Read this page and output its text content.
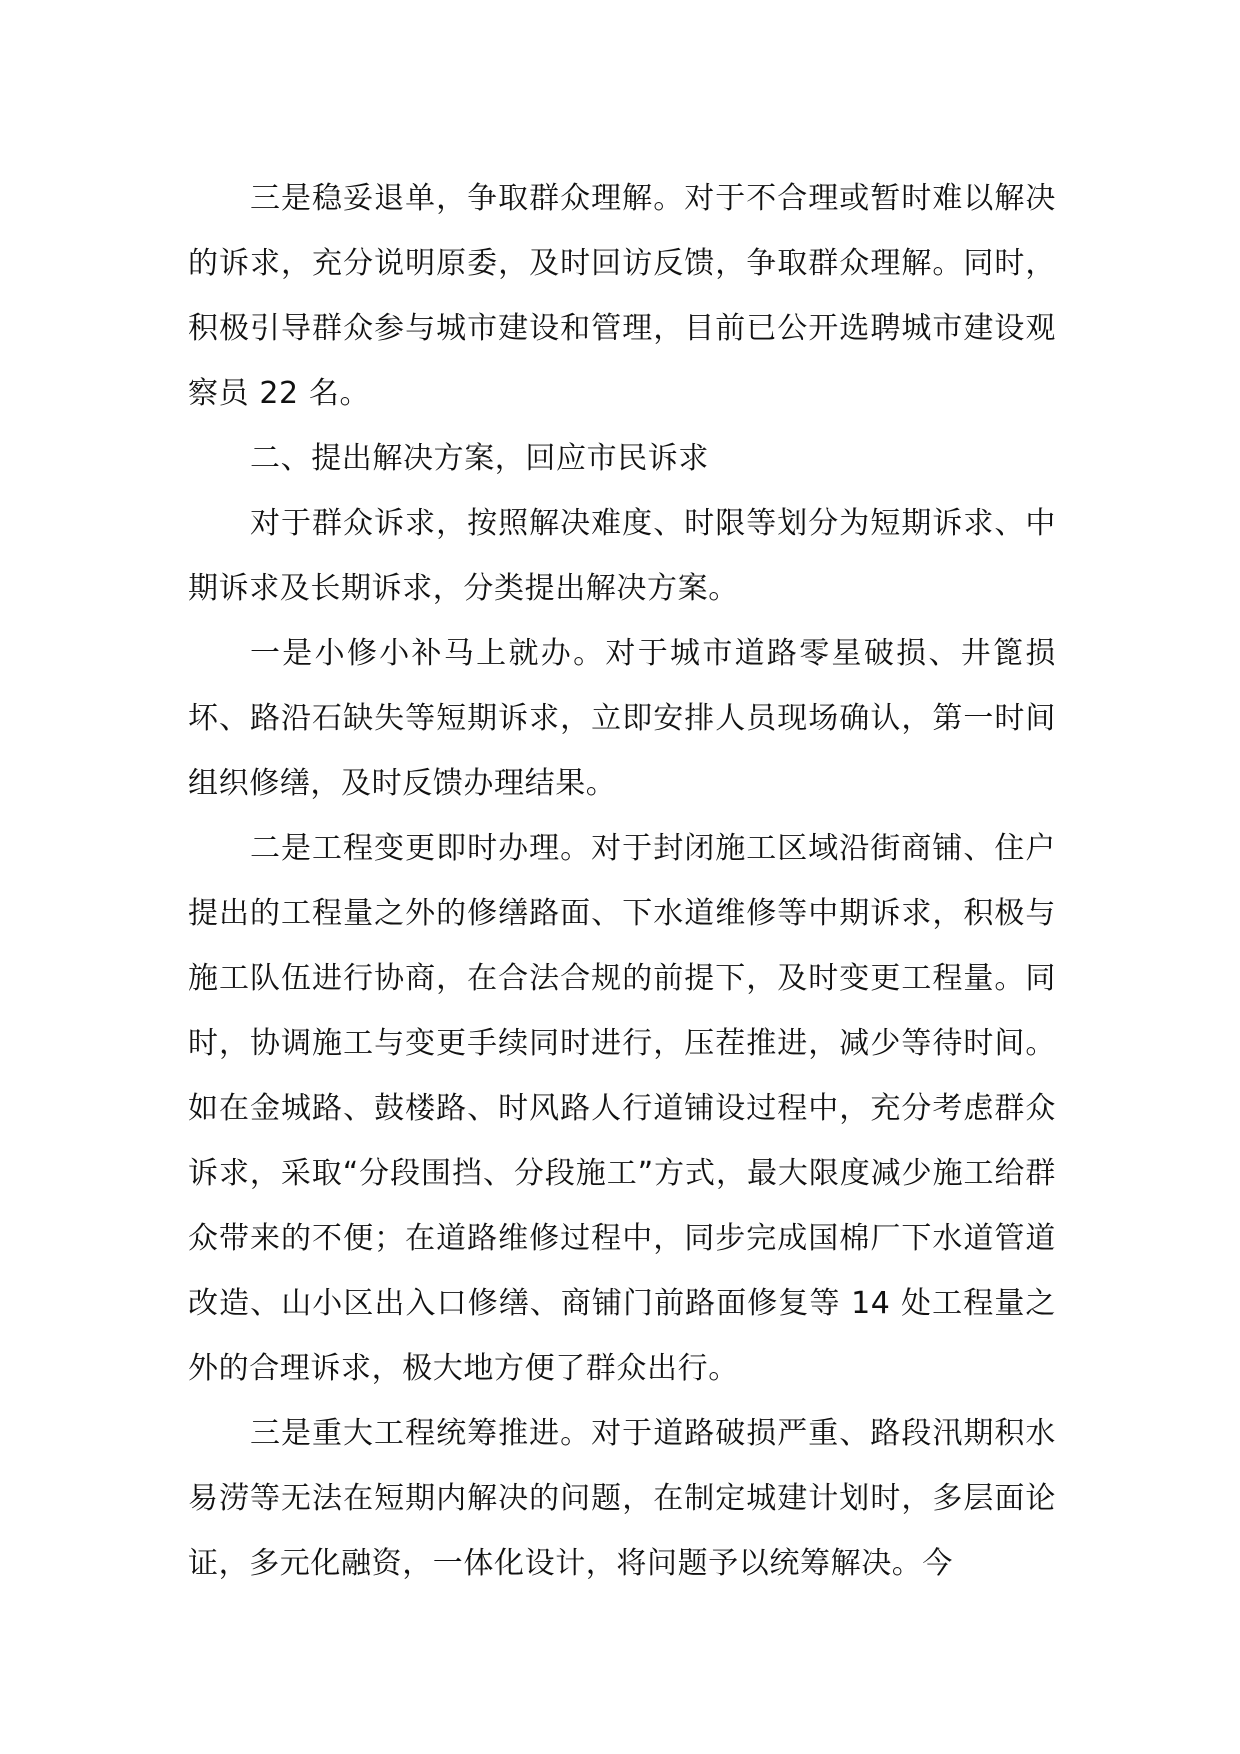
三是稳妥退单，争取群众理解。对于不合理或暂时难以解决的诉求，充分说明原委，及时回访反馈，争取群众理解。同时，积极引导群众参与城市建设和管理，目前已公开选聘城市建设观察员 22 名。

二、提出解决方案，回应市民诉求

对于群众诉求，按照解决难度、时限等划分为短期诉求、中期诉求及长期诉求，分类提出解决方案。

一是小修小补马上就办。对于城市道路零星破损、井篦损坏、路沿石缺失等短期诉求，立即安排人员现场确认，第一时间组织修缮，及时反馈办理结果。

二是工程变更即时办理。对于封闭施工区域沿街商铺、住户提出的工程量之外的修缮路面、下水道维修等中期诉求，积极与施工队伍进行协商，在合法合规的前提下，及时变更工程量。同时，协调施工与变更手续同时进行，压茬推进，减少等待时间。如在金城路、鼓楼路、时风路人行道铺设过程中，充分考虑群众诉求，采取“分段围挡、分段施工”方式，最大限度减少施工给群众带来的不便；在道路维修过程中，同步完成国棉厂下水道管道改造、山小区出入口修缮、商铺门前路面修复等 14 处工程量之外的合理诉求，极大地方便了群众出行。

三是重大工程统筹推进。对于道路破损严重、路段汛期积水易涝等无法在短期内解决的问题，在制定城建计划时，多层面论证，多元化融资，一体化设计，将问题予以统筹解决。今
